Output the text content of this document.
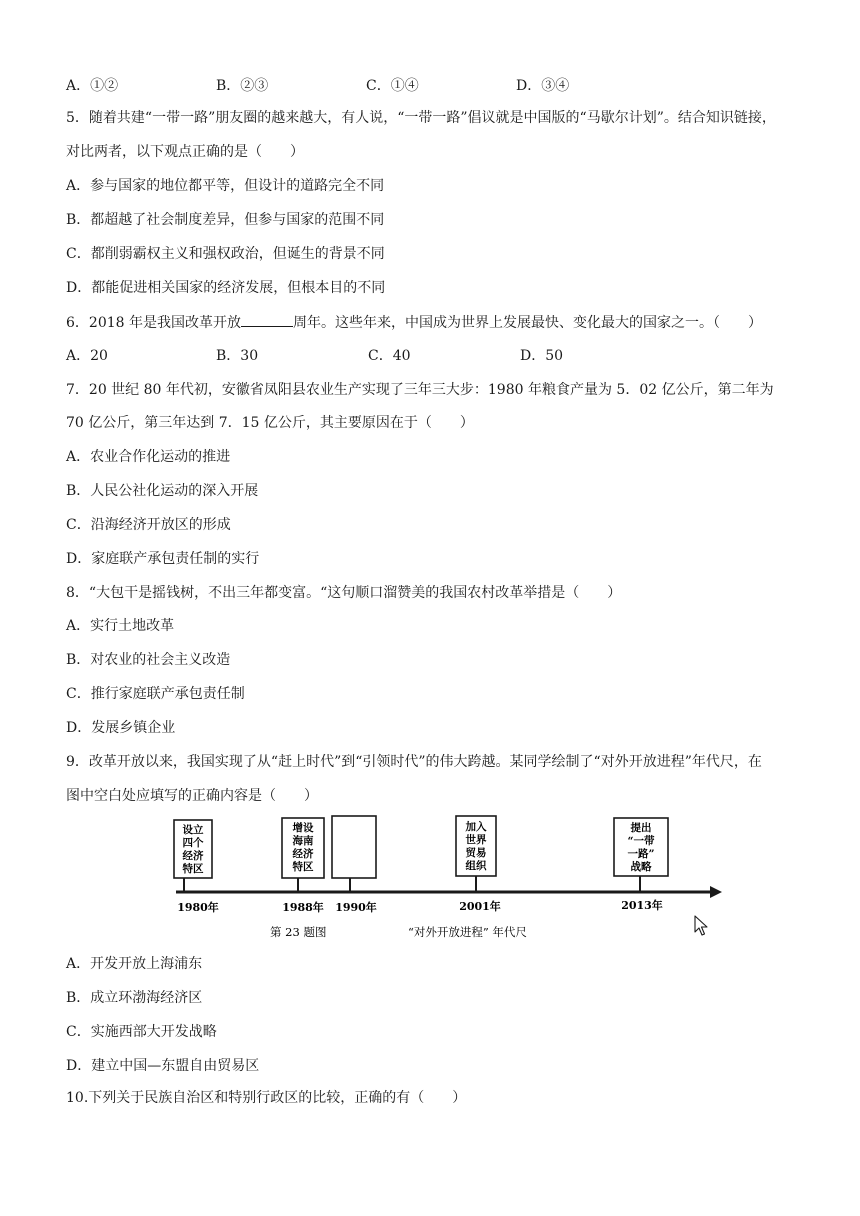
A．①②	B．②③	C．①④	D．③④
5．随着共建“一带一路”朋友圈的越来越大，有人说，“一带一路”倡议就是中国版的“马歇尔计划”。结合知识链接，
对比两者，以下观点正确的是（　　）
A．参与国家的地位都平等，但设计的道路完全不同
B．都超越了社会制度差异，但参与国家的范围不同
C．都削弱霸权主义和强权政治，但诞生的背景不同
D．都能促进相关国家的经济发展，但根本目的不同
6．2018 年是我国改革开放	周年。这些年来，中国成为世界上发展最快、变化最大的国家之一。（　　）
A．20	B．30	C．40	D．50
7．20 世纪 80 年代初，安徽省凤阳县农业生产实现了三年三大步：1980 年粮食产量为 5．02 亿公斤，第二年为
70 亿公斤，第三年达到 7．15 亿公斤，其主要原因在于（　　）
A．农业合作化运动的推进
B．人民公社化运动的深入开展
C．沿海经济开放区的形成
D．家庭联产承包责任制的实行
8．“大包干是摇钱树，不出三年都变富。“这句顺口溜赞美的我国农村改革举措是（　　）
A．实行土地改革
B．对农业的社会主义改造
C．推行家庭联产承包责任制
D．发展乡镇企业
9．改革开放以来，我国实现了从“赶上时代”到“引领时代”的伟大跨越。某同学绘制了“对外开放进程”年代尺，在
图中空白处应填写的正确内容是（　　）
设立
四个
经济
特区
增设
海南
经济
特区
加入
世界
贸易
组织
提出
“一带
一路”
战略
1980年	1988年 1990年	2001年	2013年
第 23 题图	“对外开放进程” 年代尺
A．开发开放上海浦东
B．成立环渤海经济区
C．实施西部大开发战略
D．建立中国—东盟自由贸易区
10.下列关于民族自治区和特别行政区的比较，正确的有（　　）
